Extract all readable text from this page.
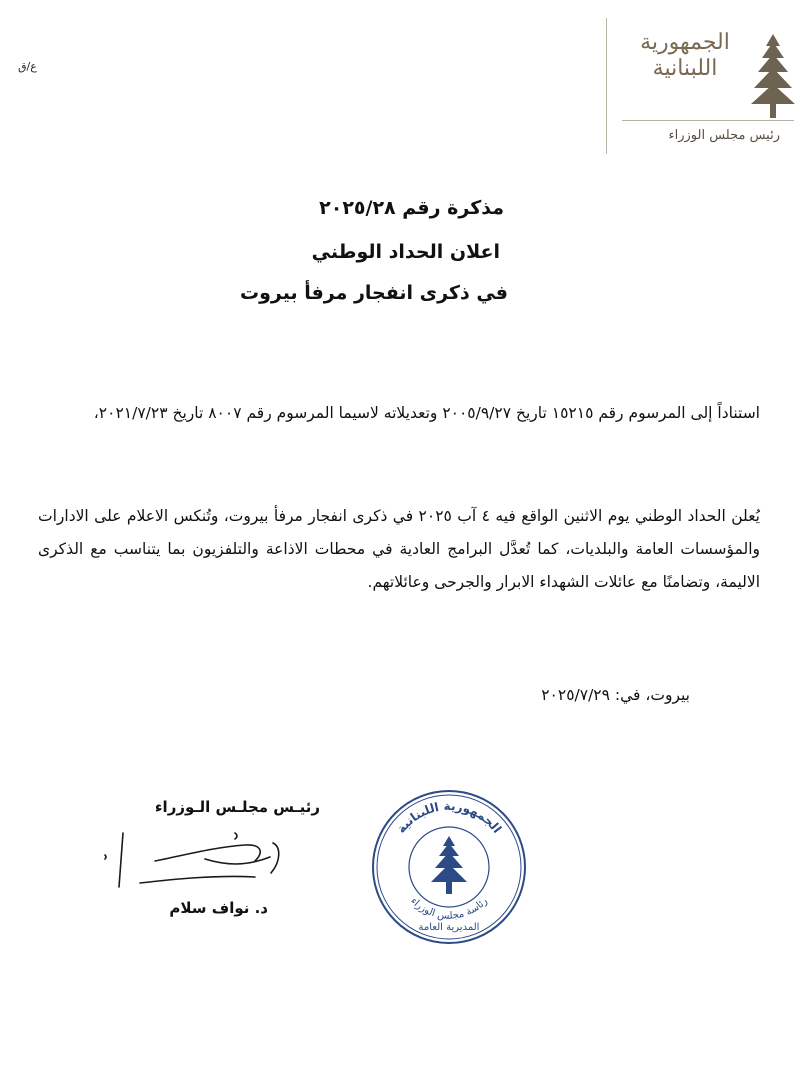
الجمهورية اللبنانية
رئيس مجلس الوزراء
ع/ق
مذكرة رقم ٢٠٢٥/٢٨
اعلان الحداد الوطني
في ذكرى انفجار مرفأ بيروت
استناداً إلى المرسوم رقم ١٥٢١٥ تاريخ ٢٠٠٥/٩/٢٧ وتعديلاته لاسيما المرسوم رقم ٨٠٠٧ تاريخ ٢٠٢١/٧/٢٣،
يُعلن الحداد الوطني يوم الاثنين الواقع فيه ٤ آب ٢٠٢٥ في ذكرى انفجار مرفأ بيروت، وتُنكس الاعلام على الادارات والمؤسسات العامة والبلديات، كما تُعدَّل البرامج العادية في محطات الاذاعة والتلفزيون بما يتناسب مع الذكرى الاليمة، وتضامنًا مع عائلات الشهداء الابرار والجرحى وعائلاتهم.
بيروت، في: ٢٠٢٥/٧/٢٩
رئيـس مجلـس الـوزراء
د. نواف سلام
الجمهورية اللبنانية
رئاسة مجلس الوزراء
المديرية العامة
